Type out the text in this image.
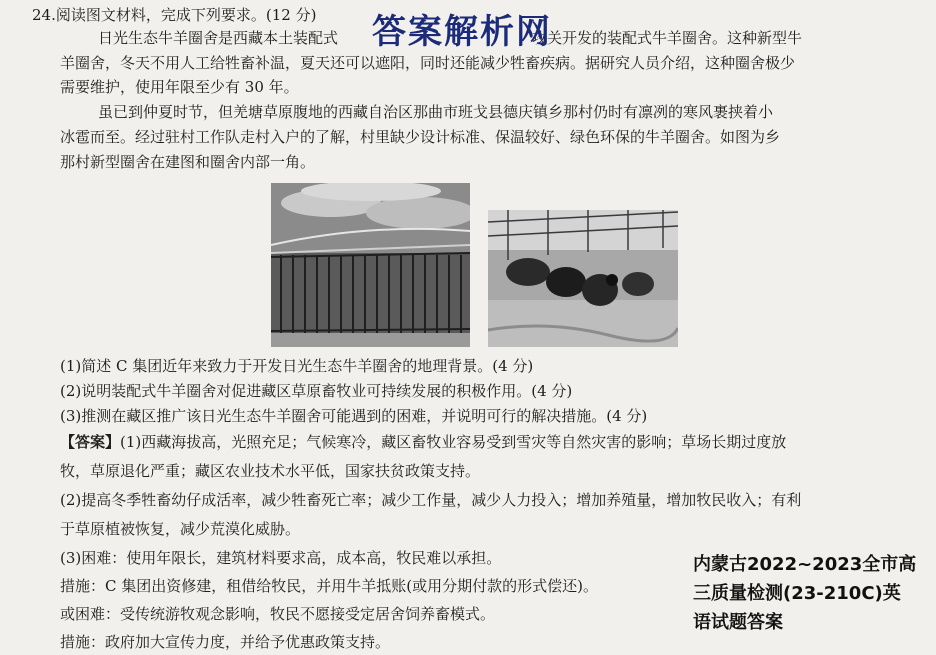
24.阅读图文材料，完成下列要求。(12 分)
日光生态牛羊圈舍是西藏本土装配式	攻关开发的装配式牛羊圈舍。这种新型牛
羊圈舍，冬天不用人工给牲畜补温，夏天还可以遮阳，同时还能减少牲畜疾病。据研究人员介绍，这种圈舍极少
需要维护，使用年限至少有 30 年。
虽已到仲夏时节，但羌塘草原腹地的西藏自治区那曲市班戈县德庆镇乡那村仍时有凛冽的寒风裹挟着小
冰雹而至。经过驻村工作队走村入户的了解，村里缺少设计标准、保温较好、绿色环保的牛羊圈舍。如图为乡
那村新型圈舍在建图和圈舍内部一角。
答案解析网
(1)简述 C 集团近年来致力于开发日光生态牛羊圈舍的地理背景。(4 分)
(2)说明装配式牛羊圈舍对促进藏区草原畜牧业可持续发展的积极作用。(4 分)
(3)推测在藏区推广该日光生态牛羊圈舍可能遇到的困难，并说明可行的解决措施。(4 分)
【答案】(1)西藏海拔高，光照充足；气候寒冷，藏区畜牧业容易受到雪灾等自然灾害的影响；草场长期过度放
牧，草原退化严重；藏区农业技术水平低，国家扶贫政策支持。
(2)提高冬季牲畜幼仔成活率，减少牲畜死亡率；减少工作量，减少人力投入；增加养殖量，增加牧民收入；有利
于草原植被恢复，减少荒漠化威胁。
(3)困难：使用年限长，建筑材料要求高，成本高，牧民难以承担。
措施：C 集团出资修建，租借给牧民，并用牛羊抵账(或用分期付款的形式偿还)。
或困难：受传统游牧观念影响，牧民不愿接受定居舍饲养畜模式。
措施：政府加大宣传力度，并给予优惠政策支持。
内蒙古2022~2023全市高
三质量检测(23-210C)英
语试题答案
